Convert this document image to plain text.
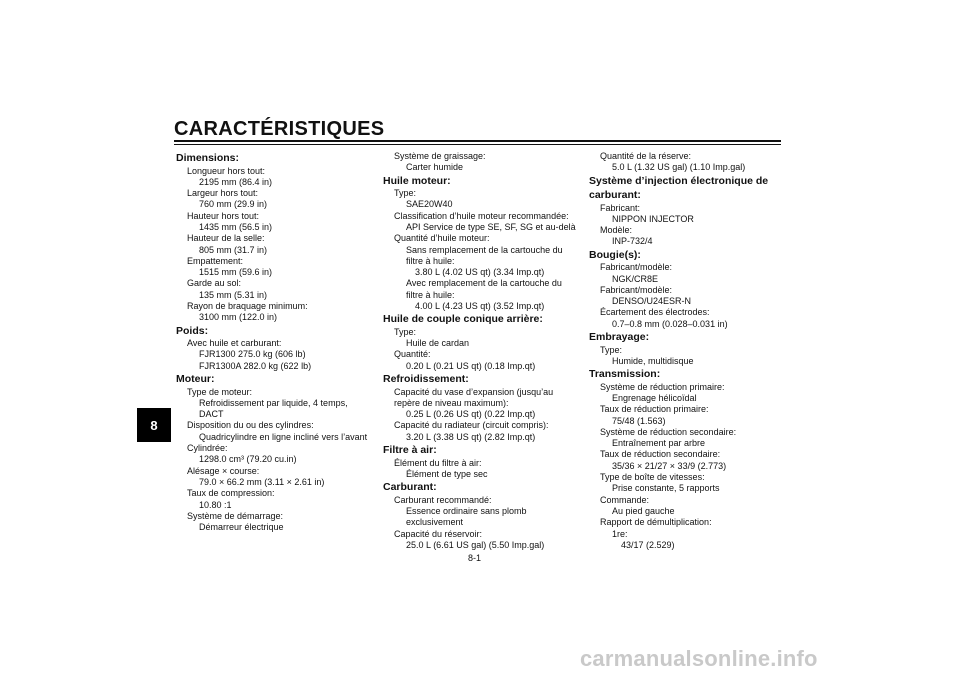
CARACTÉRISTIQUES
8
Dimensions:
Longueur hors tout:
2195 mm (86.4 in)
Largeur hors tout:
760 mm (29.9 in)
Hauteur hors tout:
1435 mm (56.5 in)
Hauteur de la selle:
805 mm (31.7 in)
Empattement:
1515 mm (59.6 in)
Garde au sol:
135 mm (5.31 in)
Rayon de braquage minimum:
3100 mm (122.0 in)
Poids:
Avec huile et carburant:
FJR1300 275.0 kg (606 lb)
FJR1300A 282.0 kg (622 lb)
Moteur:
Type de moteur:
Refroidissement par liquide, 4 temps,
DACT
Disposition du ou des cylindres:
Quadricylindre en ligne incliné vers l’avant
Cylindrée:
1298.0 cm³ (79.20 cu.in)
Alésage × course:
79.0 × 66.2 mm (3.11 × 2.61 in)
Taux de compression:
10.80 :1
Système de démarrage:
Démarreur électrique
Système de graissage:
Carter humide
Huile moteur:
Type:
SAE20W40
Classification d’huile moteur recommandée:
API Service de type SE, SF, SG et au-delà
Quantité d’huile moteur:
Sans remplacement de la cartouche du
filtre à huile:
3.80 L (4.02 US qt) (3.34 Imp.qt)
Avec remplacement de la cartouche du
filtre à huile:
4.00 L (4.23 US qt) (3.52 Imp.qt)
Huile de couple conique arrière:
Type:
Huile de cardan
Quantité:
0.20 L (0.21 US qt) (0.18 Imp.qt)
Refroidissement:
Capacité du vase d’expansion (jusqu’au
repère de niveau maximum):
0.25 L (0.26 US qt) (0.22 Imp.qt)
Capacité du radiateur (circuit compris):
3.20 L (3.38 US qt) (2.82 Imp.qt)
Filtre à air:
Élément du filtre à air:
Élément de type sec
Carburant:
Carburant recommandé:
Essence ordinaire sans plomb
exclusivement
Capacité du réservoir:
25.0 L (6.61 US gal) (5.50 Imp.gal)
Quantité de la réserve:
5.0 L (1.32 US gal) (1.10 Imp.gal)
Système d’injection électronique de
carburant:
Fabricant:
NIPPON INJECTOR
Modèle:
INP-732/4
Bougie(s):
Fabricant/modèle:
NGK/CR8E
Fabricant/modèle:
DENSO/U24ESR-N
Écartement des électrodes:
0.7–0.8 mm (0.028–0.031 in)
Embrayage:
Type:
Humide, multidisque
Transmission:
Système de réduction primaire:
Engrenage hélicoïdal
Taux de réduction primaire:
75/48 (1.563)
Système de réduction secondaire:
Entraînement par arbre
Taux de réduction secondaire:
35/36 × 21/27 × 33/9 (2.773)
Type de boîte de vitesses:
Prise constante, 5 rapports
Commande:
Au pied gauche
Rapport de démultiplication:
1re:
43/17 (2.529)
8-1
carmanualsonline.info
